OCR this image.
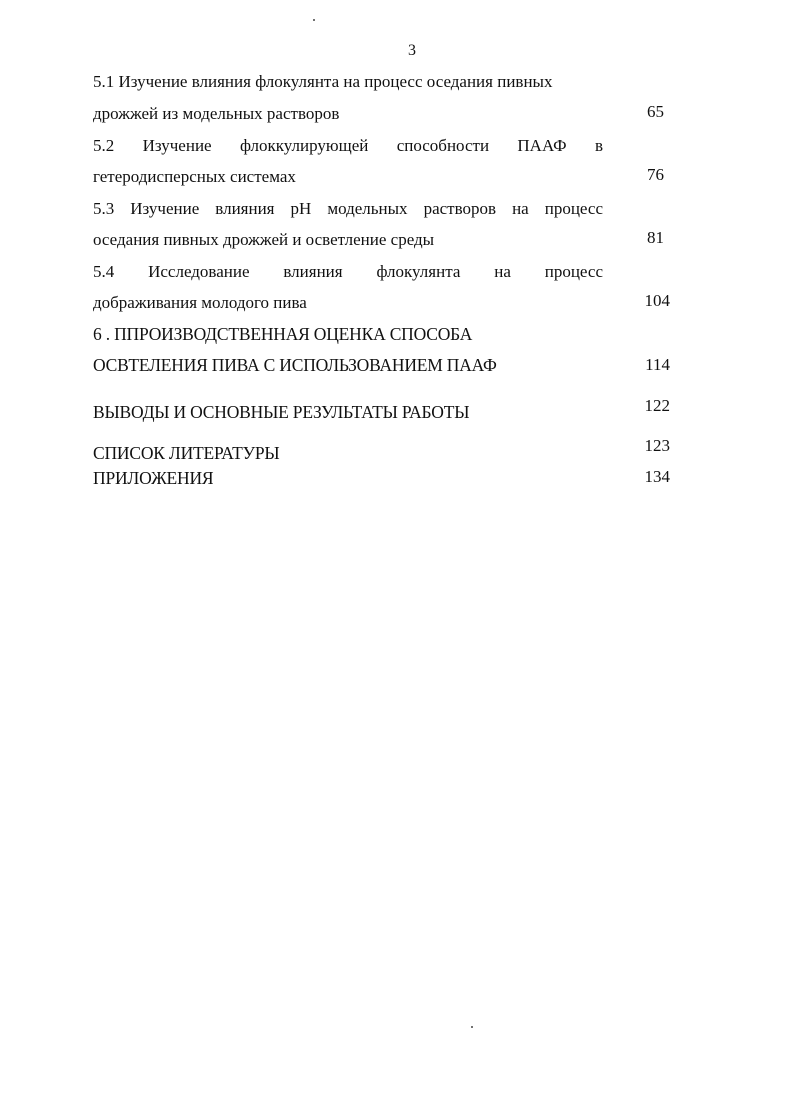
3
5.1 Изучение влияния флокулянта на процесс оседания пивных
дрожжей из модельных растворов	65
5.2 Изучение флоккулирующей способности ПААФ в
гетеродисперсных системах	76
5.3 Изучение влияния pH модельных растворов на процесс
оседания пивных дрожжей и осветление среды	81
5.4 Исследование влияния флокулянта на процесс
дображивания молодого пива	104
6 . ППРОИЗВОДСТВЕННАЯ ОЦЕНКА СПОСОБА
ОСВТЕЛЕНИЯ ПИВА С ИСПОЛЬЗОВАНИЕМ ПААФ	114
ВЫВОДЫ И ОСНОВНЫЕ РЕЗУЛЬТАТЫ РАБОТЫ	122
СПИСОК ЛИТЕРАТУРЫ	123
ПРИЛОЖЕНИЯ	134
